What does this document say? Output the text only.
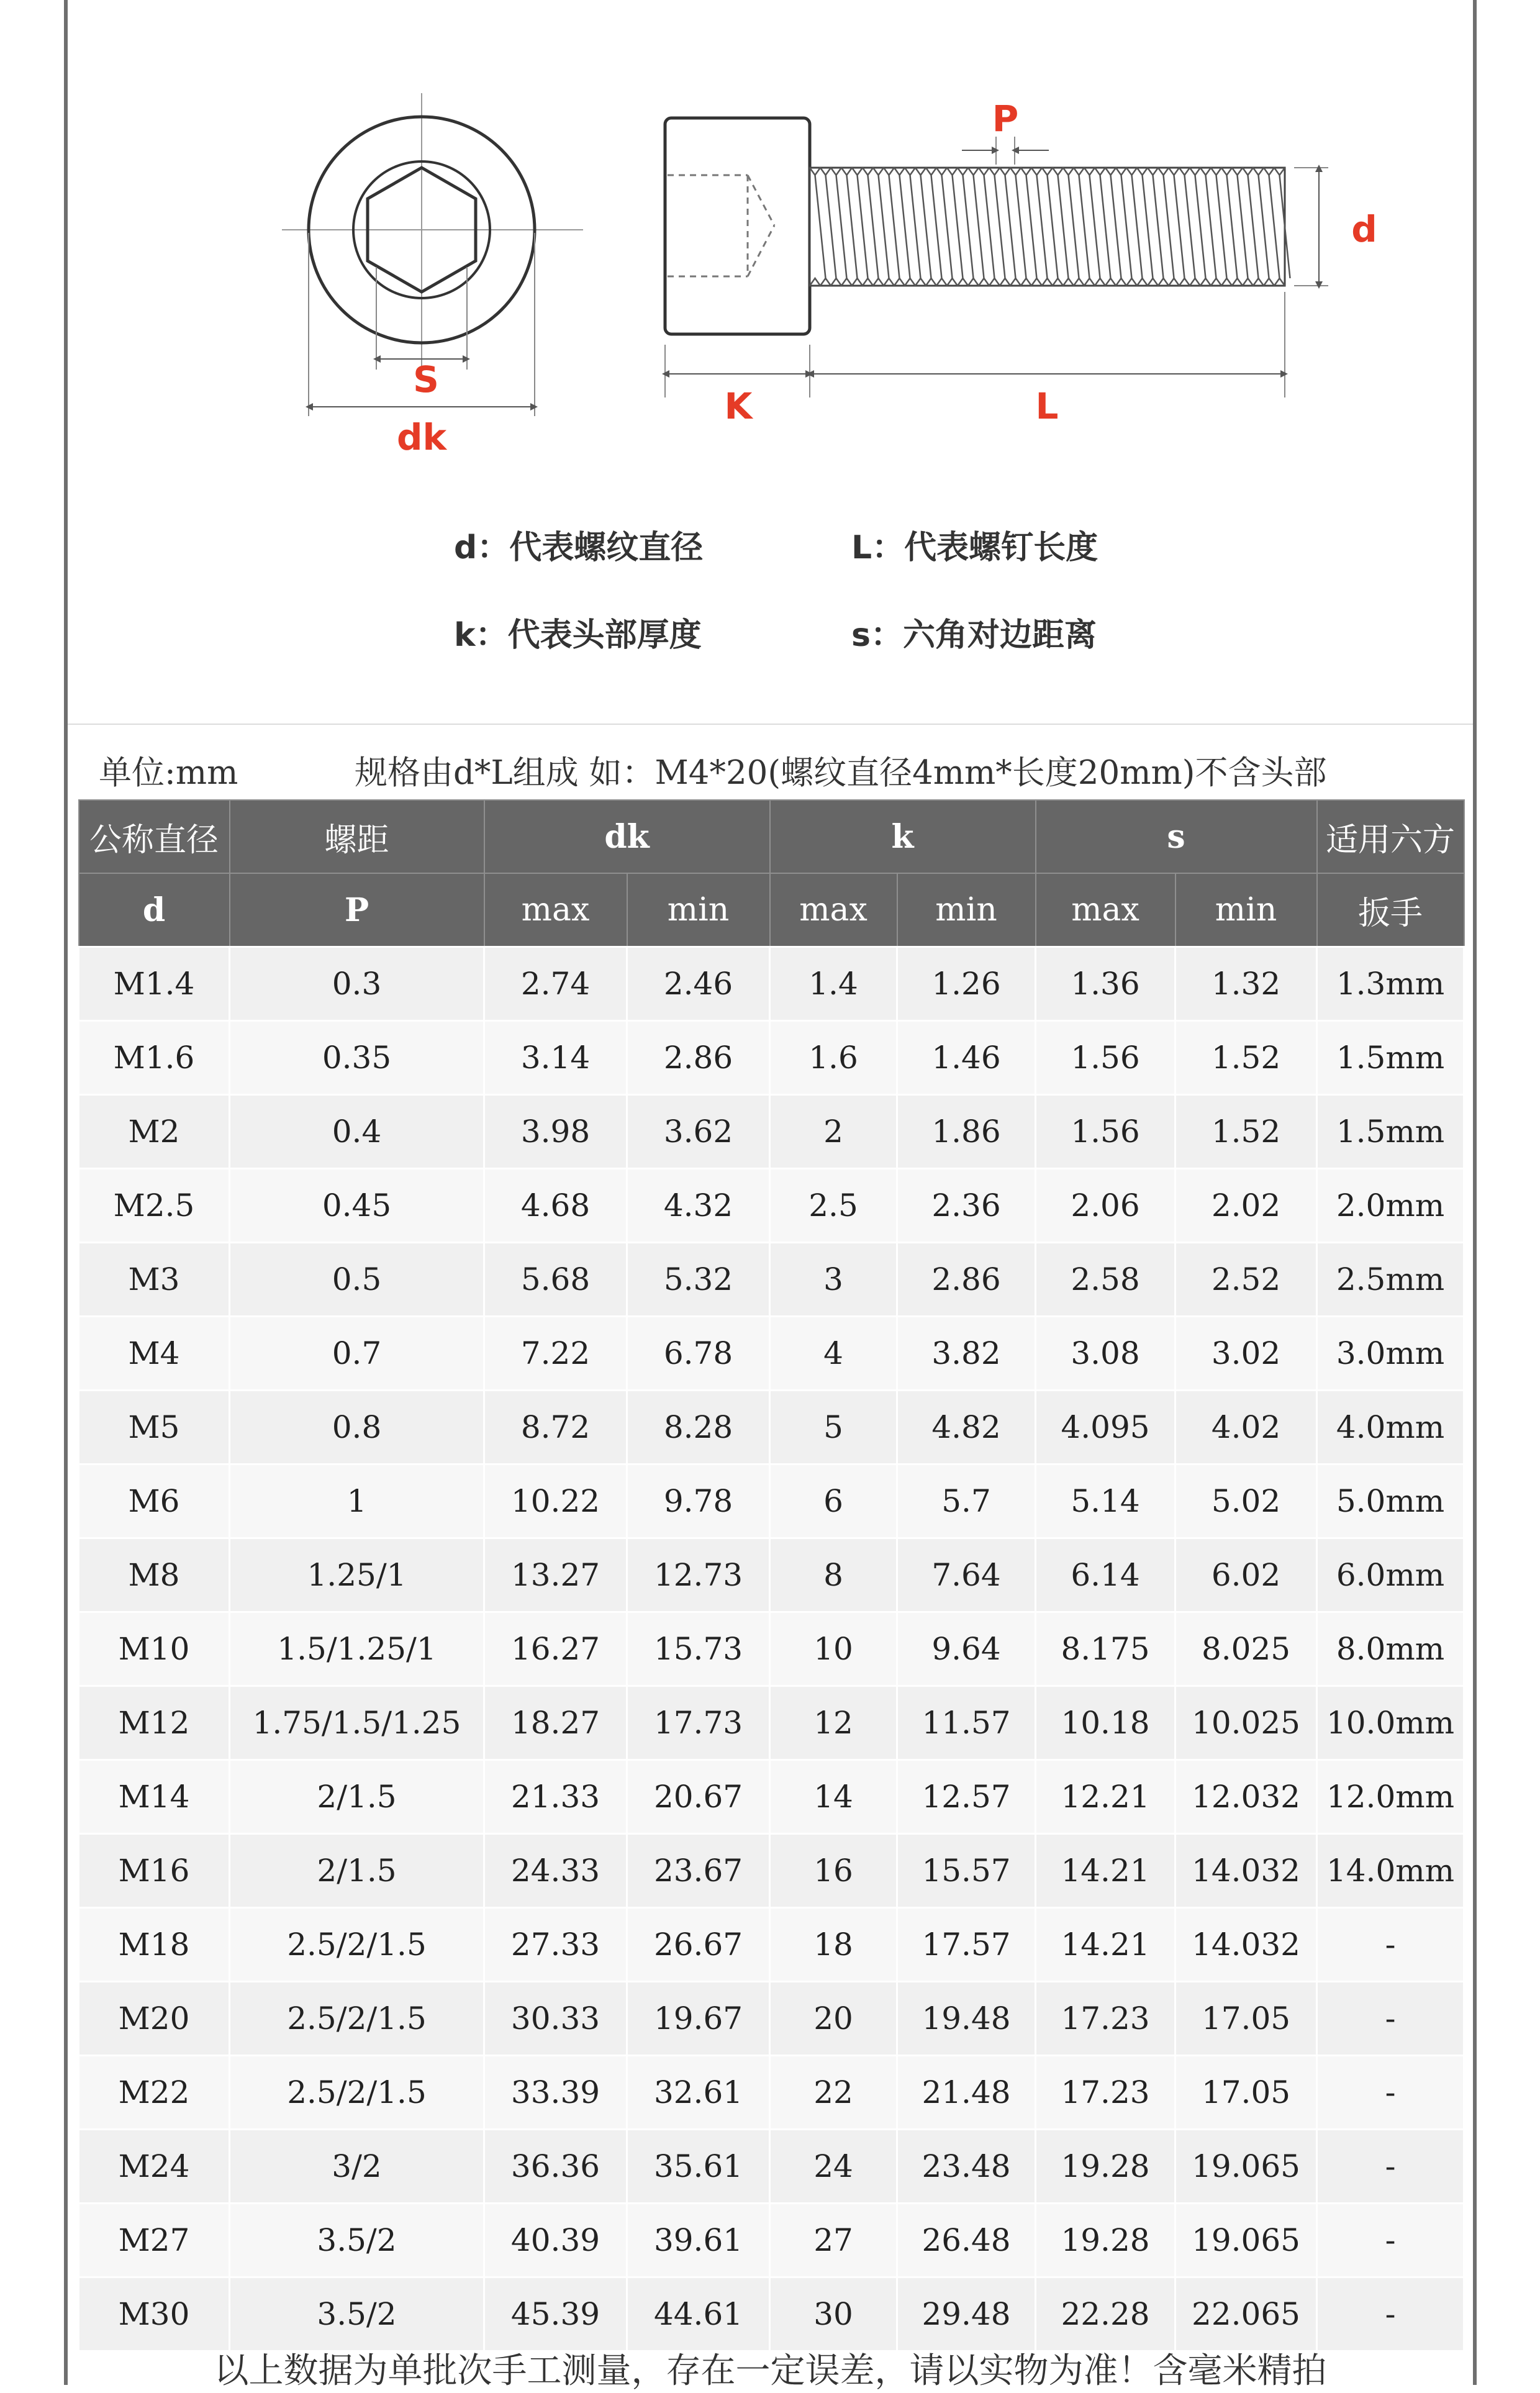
S
dk
P
d
K	L
d：代表螺纹直径	L：代表螺钉长度
k：代表头部厚度	s：六角对边距离
单位:mm	规格由d*L组成 如：M4*20(螺纹直径4mm*长度20mm)不含头部
以上数据为单批次手工测量，存在一定误差，请以实物为准！含毫米精拍
公称直径	螺距	dk		k		s		适用六方
d	P	max	min	max	min	max	min	扳手
M1.4	0.3	2.74	2.46	1.4	1.26	1.36	1.32	1.3mm
M1.6	0.35	3.14	2.86	1.6	1.46	1.56	1.52	1.5mm
M2	0.4	3.98	3.62	2	1.86	1.56	1.52	1.5mm
M2.5	0.45	4.68	4.32	2.5	2.36	2.06	2.02	2.0mm
M3	0.5	5.68	5.32	3	2.86	2.58	2.52	2.5mm
M4	0.7	7.22	6.78	4	3.82	3.08	3.02	3.0mm
M5	0.8	8.72	8.28	5	4.82	4.095	4.02	4.0mm
M6	1	10.22	9.78	6	5.7	5.14	5.02	5.0mm
M8	1.25/1	13.27	12.73	8	7.64	6.14	6.02	6.0mm
M10	1.5/1.25/1	16.27	15.73	10	9.64	8.175	8.025	8.0mm
M12	1.75/1.5/1.25	18.27	17.73	12	11.57	10.18	10.025	10.0mm
M14	2/1.5	21.33	20.67	14	12.57	12.21	12.032	12.0mm
M16	2/1.5	24.33	23.67	16	15.57	14.21	14.032	14.0mm
M18	2.5/2/1.5	27.33	26.67	18	17.57	14.21	14.032	-
M20	2.5/2/1.5	30.33	19.67	20	19.48	17.23	17.05	-
M22	2.5/2/1.5	33.39	32.61	22	21.48	17.23	17.05	-
M24	3/2	36.36	35.61	24	23.48	19.28	19.065	-
M27	3.5/2	40.39	39.61	27	26.48	19.28	19.065	-
M30	3.5/2	45.39	44.61	30	29.48	22.28	22.065	-
